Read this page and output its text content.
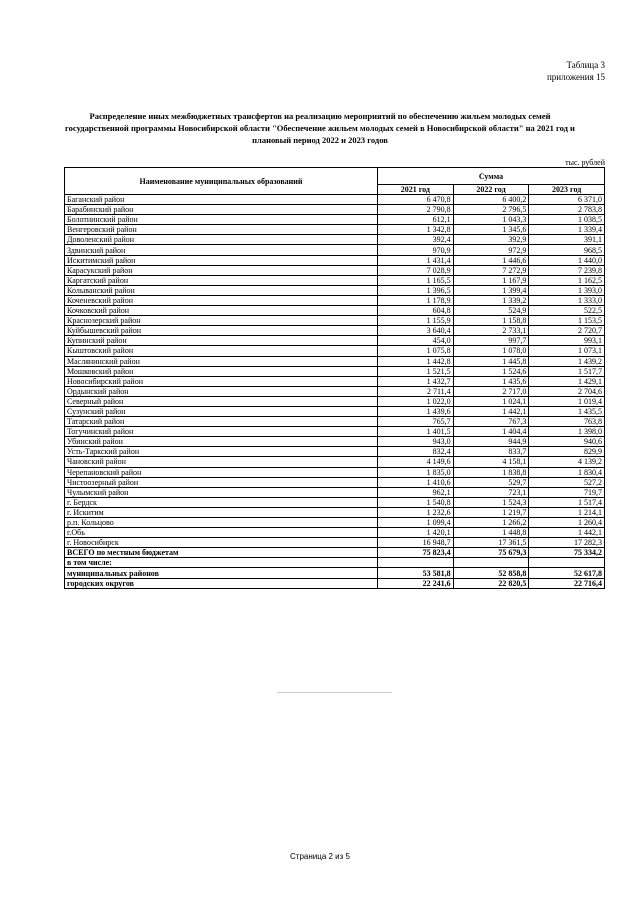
Таблица 3
приложения 15
Распределение иных межбюджетных трансфертов на реализацию мероприятий по обеспечению жильем молодых семей государственной программы Новосибирской области "Обеспечение жильем молодых семей в Новосибирской области" на 2021 год и плановый период 2022 и 2023 годов
тыс. рублей
Наименование муниципальных образований	Сумма		
	2021 год	2022 год	2023 год
Баганский район	6 470,8	6 400,2	6 371,0
Барабинский район	2 790,8	2 796,5	2 783,8
Болотнинский район	612,1	1 043,3	1 038,5
Венгеровский район	1 342,8	1 345,6	1 339,4
Доволенский район	392,4	392,9	391,1
Здвинский район	970,9	972,9	968,5
Искитимский район	1 431,4	1 446,6	1 440,0
Карасукский район	7 028,9	7 272,9	7 239,8
Каргатский район	1 165,5	1 167,9	1 162,5
Колыванский район	1 396,5	1 399,4	1 393,0
Коченевский район	1 178,9	1 339,2	1 333,0
Кочковский район	604,8	524,9	522,5
Краснозерский район	1 155,9	1 158,8	1 153,5
Куйбышевский район	3 640,4	2 733,1	2 720,7
Купинский район	454,0	997,7	993,1
Кыштовский район	1 075,8	1 078,0	1 073,1
Маслянинский район	1 442,8	1 445,8	1 439,2
Мошковский район	1 521,5	1 524,6	1 517,7
Новосибирский район	1 432,7	1 435,6	1 429,1
Ордынский район	2 711,4	2 717,0	2 704,6
Северный район	1 022,0	1 024,1	1 019,4
Сузунский район	1 439,6	1 442,1	1 435,5
Татарский район	765,7	767,3	763,8
Тогучинский район	1 401,5	1 404,4	1 398,0
Убинский район	943,0	944,9	940,6
Усть-Таркский район	832,4	833,7	829,9
Чановский район	4 149,6	4 158,1	4 139,2
Черепановский район	1 835,0	1 838,8	1 830,4
Чистоозерный район	1 410,6	529,7	527,2
Чулымский район	962,1	723,1	719,7
г. Бердск	1 540,8	1 524,3	1 517,4
г. Искитим	1 232,6	1 219,7	1 214,1
р.п. Кольцово	1 099,4	1 266,2	1 260,4
г.Обь	1 420,1	1 448,8	1 442,1
г. Новосибирск	16 948,7	17 361,5	17 282,3
ВСЕГО по местным бюджетам	75 823,4	75 679,3	75 334,2
в том числе:			
муниципальных районов	53 581,8	52 858,8	52 617,8
городских округов	22 241,6	22 820,5	22 716,4
Страница 2 из 5
